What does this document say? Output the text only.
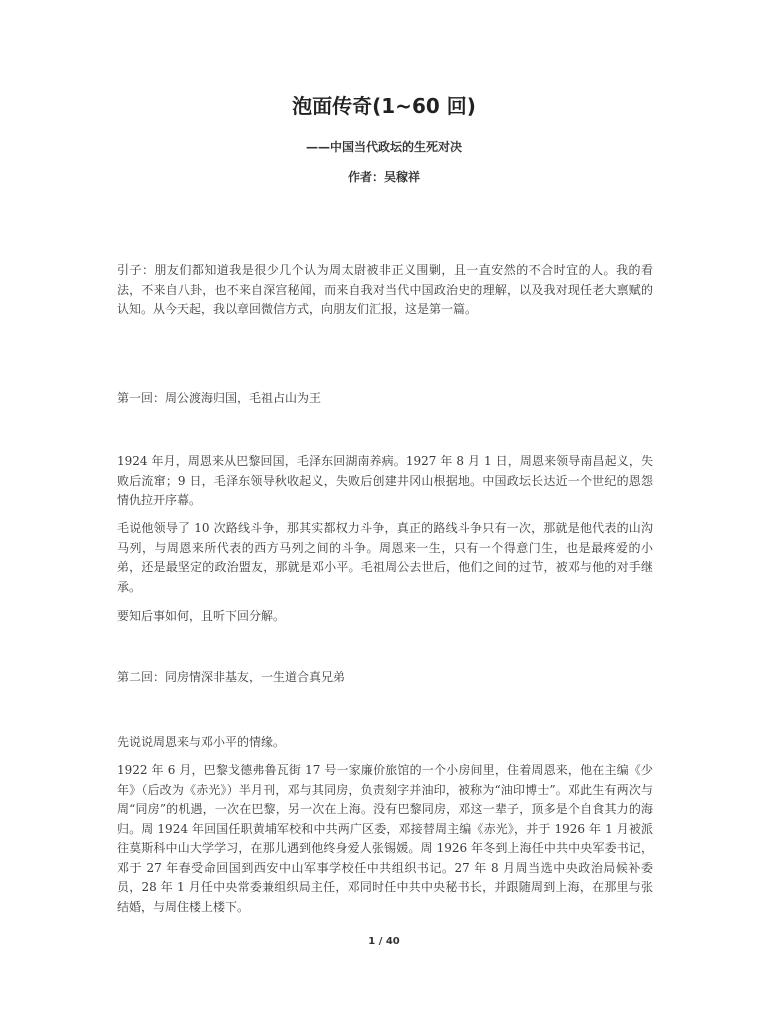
泡面传奇(1~60 回)
——中国当代政坛的生死对决
作者：吴稼祥

引子：朋友们都知道我是很少几个认为周太尉被非正义围剿，且一直安然的不合时宜的人。我的看法，不来自八卦，也不来自深宫秘闻，而来自我对当代中国政治史的理解，以及我对现任老大禀赋的认知。从今天起，我以章回微信方式，向朋友们汇报，这是第一篇。

第一回：周公渡海归国，毛祖占山为王

1924 年月，周恩来从巴黎回国，毛泽东回湖南养病。1927 年 8 月 1 日，周恩来领导南昌起义，失败后流窜；9 日，毛泽东领导秋收起义，失败后创建井冈山根据地。中国政坛长达近一个世纪的恩怨情仇拉开序幕。

毛说他领导了 10 次路线斗争，那其实都权力斗争，真正的路线斗争只有一次，那就是他代表的山沟马列，与周恩来所代表的西方马列之间的斗争。周恩来一生，只有一个得意门生，也是最疼爱的小弟，还是最坚定的政治盟友，那就是邓小平。毛祖周公去世后，他们之间的过节，被邓与他的对手继承。

要知后事如何，且听下回分解。

第二回：同房情深非基友，一生道合真兄弟

先说说周恩来与邓小平的情缘。

1922 年 6 月，巴黎戈德弗鲁瓦街 17 号一家廉价旅馆的一个小房间里，住着周恩来，他在主编《少年》（后改为《赤光》）半月刊，邓与其同房，负责刻字并油印，被称为“油印博士”。邓此生有两次与周“同房”的机遇，一次在巴黎，另一次在上海。没有巴黎同房，邓这一辈子，顶多是个自食其力的海归。周 1924 年回国任职黄埔军校和中共两广区委，邓接替周主编《赤光》，并于 1926 年 1 月被派往莫斯科中山大学学习，在那儿遇到他终身爱人张锡媛。周 1926 年冬到上海任中共中央军委书记，邓于 27 年春受命回国到西安中山军事学校任中共组织书记。27 年 8 月周当选中央政治局候补委员，28 年 1 月任中央常委兼组织局主任，邓同时任中共中央秘书长，并跟随周到上海，在那里与张结婚，与周住楼上楼下。

1 / 40
